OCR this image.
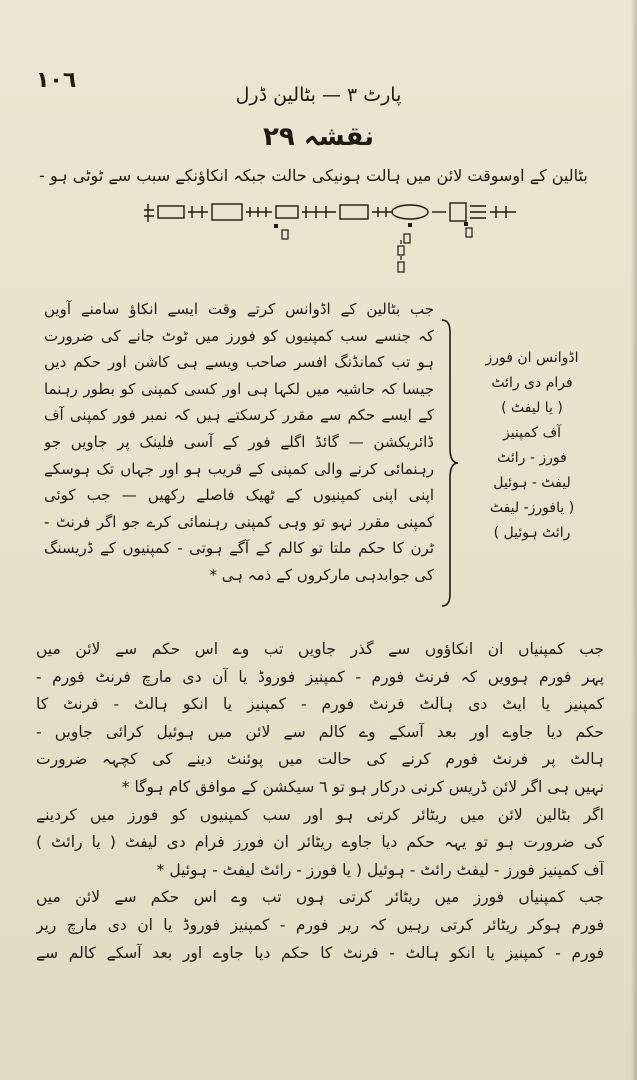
١٠٦
پارٹ ٣ — بٹالین ڈرل
نقشہ ٢٩
بٹالین کے اوسوقت لائن میں ہالت ہونیکی حالت جبکہ انکاؤنکے سبب سے ٹوٹی ہو -

جب بٹالین کے اڈوانس کرتے وقت ایسے انکاؤ سامنے آویں

کہ جنسے سب کمپنیوں کو فورز میں ٹوٹ جانے کی ضرورت

ہو تب کمانڈنگ افسر صاحب ویسے ہی کاشن اور حکم دیں

جیسا کہ حاشیہ میں لکہا ہی اور کسی کمپنی کو بطور رہنما

کے ایسے حکم سے مقرر کرسکتے ہیں کہ نمبر فور کمپنی آف

ڈائریکشن — گائڈ اگلے فور کے آسی فلینک پر جاویں جو

رہنمائی کرنے والی کمپنی کے قریب ہو اور جہاں تک ہوسکے

اپنی اپنی کمپنیوں کے ٹھیک فاصلے رکھیں — جب کوئی

کمپنی مقرر نہو تو وہی کمپنی رہنمائی کرے جو اگر فرنٹ -

ٹرن کا حکم ملتا تو کالم کے آگے ہوتی - کمپنیوں کے ڈریسنگ

کی جوابدہی مارکروں کے ذمہ ہی *

اڈوانس ان فورز
فرام دی رائٹ
( یا لیفٹ )
آف کمپنیز
فورز - رائٹ
لیفٹ - ہوئیل
( یافورز- لیفٹ
رائٹ ہوئیل )

جب کمپنیاں ان انکاؤوں سے گذر جاویں تب وے اس حکم سے لائن میں

پہر فورم ہوویں کہ فرنٹ فورم - کمپنیز فوروڈ یا آن دی مارچ فرنٹ فورم -

کمپنیز یا ایٹ دی ہالٹ فرنٹ فورم - کمپنیز یا انکو ہالٹ - فرنٹ کا

حکم دیا جاوے اور بعد آسکے وے کالم سے لائن میں ہوئیل کرائی جاویں -

ہالٹ پر فرنٹ فورم کرنے کی حالت میں پوئنٹ دینے کی کچہہ ضرورت

نہیں ہی اگر لائن ڈریس کرنی درکار ہو تو ٦ سیکشن کے موافق کام ہوگا *

اگر بٹالین لائن میں ریٹائر کرتی ہو اور سب کمپنیوں کو فورز میں کردینے

کی ضرورت ہو تو یہہ حکم دیا جاوے ریٹائر ان فورز فرام دی لیفٹ ( یا رائٹ )

آف کمپنیز فورز - لیفٹ رائٹ - ہوئیل ( یا فورز - رائٹ لیفٹ - ہوئیل *

جب کمپنیاں فورز میں ریٹائر کرتی ہوں تب وے اس حکم سے لائن میں

فورم ہوکر ریٹائر کرتی رہیں کہ ریر فورم - کمپنیز فوروڈ یا ان دی مارچ ریر

فورم - کمپنیز یا انکو ہالٹ - فرنٹ کا حکم دیا جاوے اور بعد آسکے کالم سے
